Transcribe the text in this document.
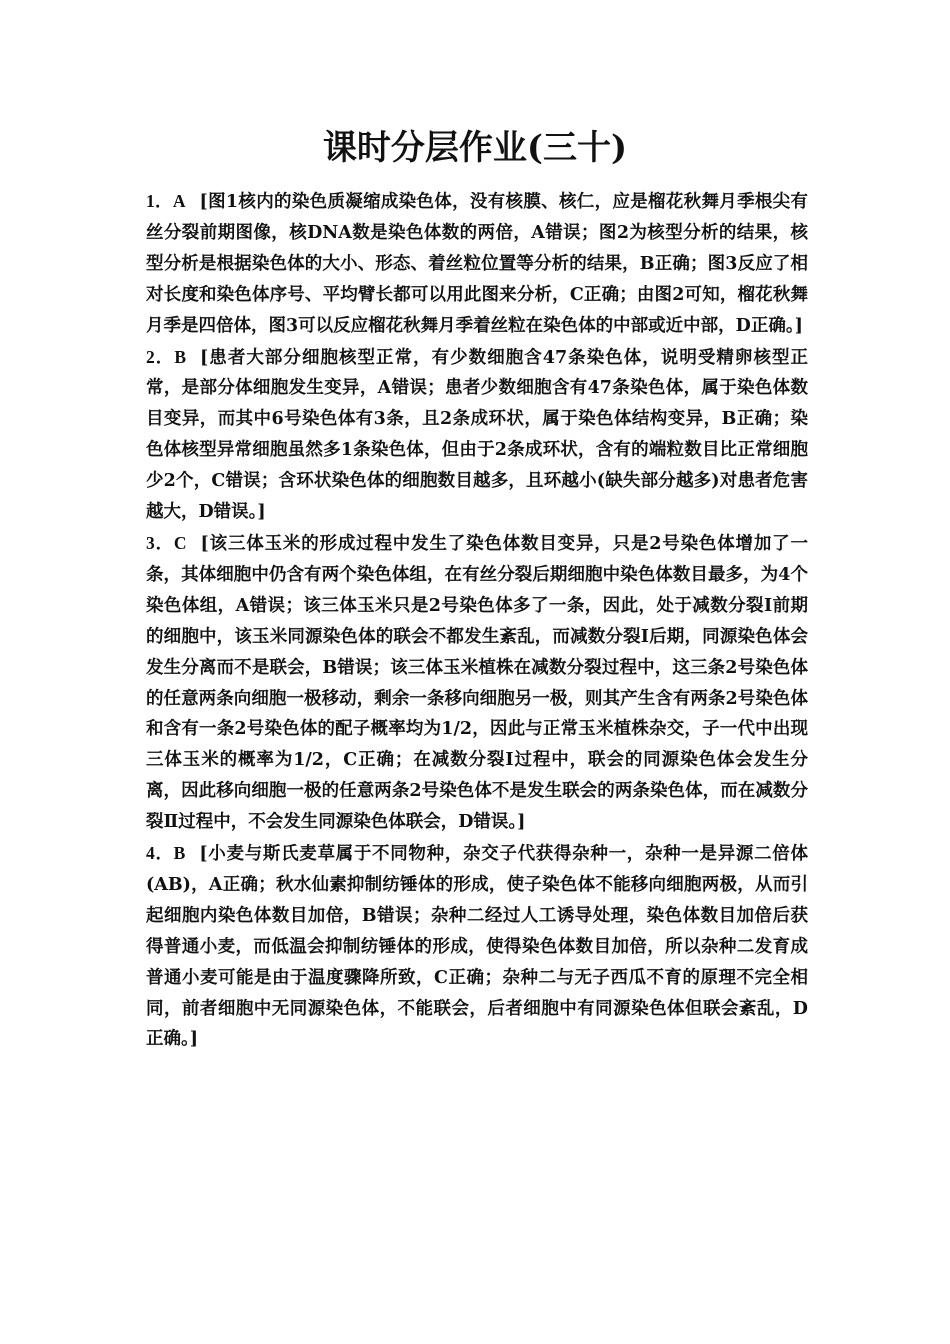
课时分层作业(三十)

1．A [图1核内的染色质凝缩成染色体，没有核膜、核仁，应是榴花秋舞月季根尖有丝分裂前期图像，核DNA数是染色体数的两倍，A错误；图2为核型分析的结果，核型分析是根据染色体的大小、形态、着丝粒位置等分析的结果，B正确；图3反应了相对长度和染色体序号、平均臂长都可以用此图来分析，C正确；由图2可知，榴花秋舞月季是四倍体，图3可以反应榴花秋舞月季着丝粒在染色体的中部或近中部，D正确。]

2．B [患者大部分细胞核型正常，有少数细胞含47条染色体，说明受精卵核型正常，是部分体细胞发生变异，A错误；患者少数细胞含有47条染色体，属于染色体数目变异，而其中6号染色体有3条，且2条成环状，属于染色体结构变异，B正确；染色体核型异常细胞虽然多1条染色体，但由于2条成环状，含有的端粒数目比正常细胞少2个，C错误；含环状染色体的细胞数目越多，且环越小(缺失部分越多)对患者危害越大，D错误。]

3．C [该三体玉米的形成过程中发生了染色体数目变异，只是2号染色体增加了一条，其体细胞中仍含有两个染色体组，在有丝分裂后期细胞中染色体数目最多，为4个染色体组，A错误；该三体玉米只是2号染色体多了一条，因此，处于减数分裂Ⅰ前期的细胞中，该玉米同源染色体的联会不都发生紊乱，而减数分裂Ⅰ后期，同源染色体会发生分离而不是联会，B错误；该三体玉米植株在减数分裂过程中，这三条2号染色体的任意两条向细胞一极移动，剩余一条移向细胞另一极，则其产生含有两条2号染色体和含有一条2号染色体的配子概率均为1/2，因此与正常玉米植株杂交，子一代中出现三体玉米的概率为1/2，C正确；在减数分裂Ⅰ过程中，联会的同源染色体会发生分离，因此移向细胞一极的任意两条2号染色体不是发生联会的两条染色体，而在减数分裂Ⅱ过程中，不会发生同源染色体联会，D错误。]

4．B [小麦与斯氏麦草属于不同物种，杂交子代获得杂种一，杂种一是异源二倍体(AB)，A正确；秋水仙素抑制纺锤体的形成，使子染色体不能移向细胞两极，从而引起细胞内染色体数目加倍，B错误；杂种二经过人工诱导处理，染色体数目加倍后获得普通小麦，而低温会抑制纺锤体的形成，使得染色体数目加倍，所以杂种二发育成普通小麦可能是由于温度骤降所致，C正确；杂种二与无子西瓜不育的原理不完全相同，前者细胞中无同源染色体，不能联会，后者细胞中有同源染色体但联会紊乱，D正确。]
